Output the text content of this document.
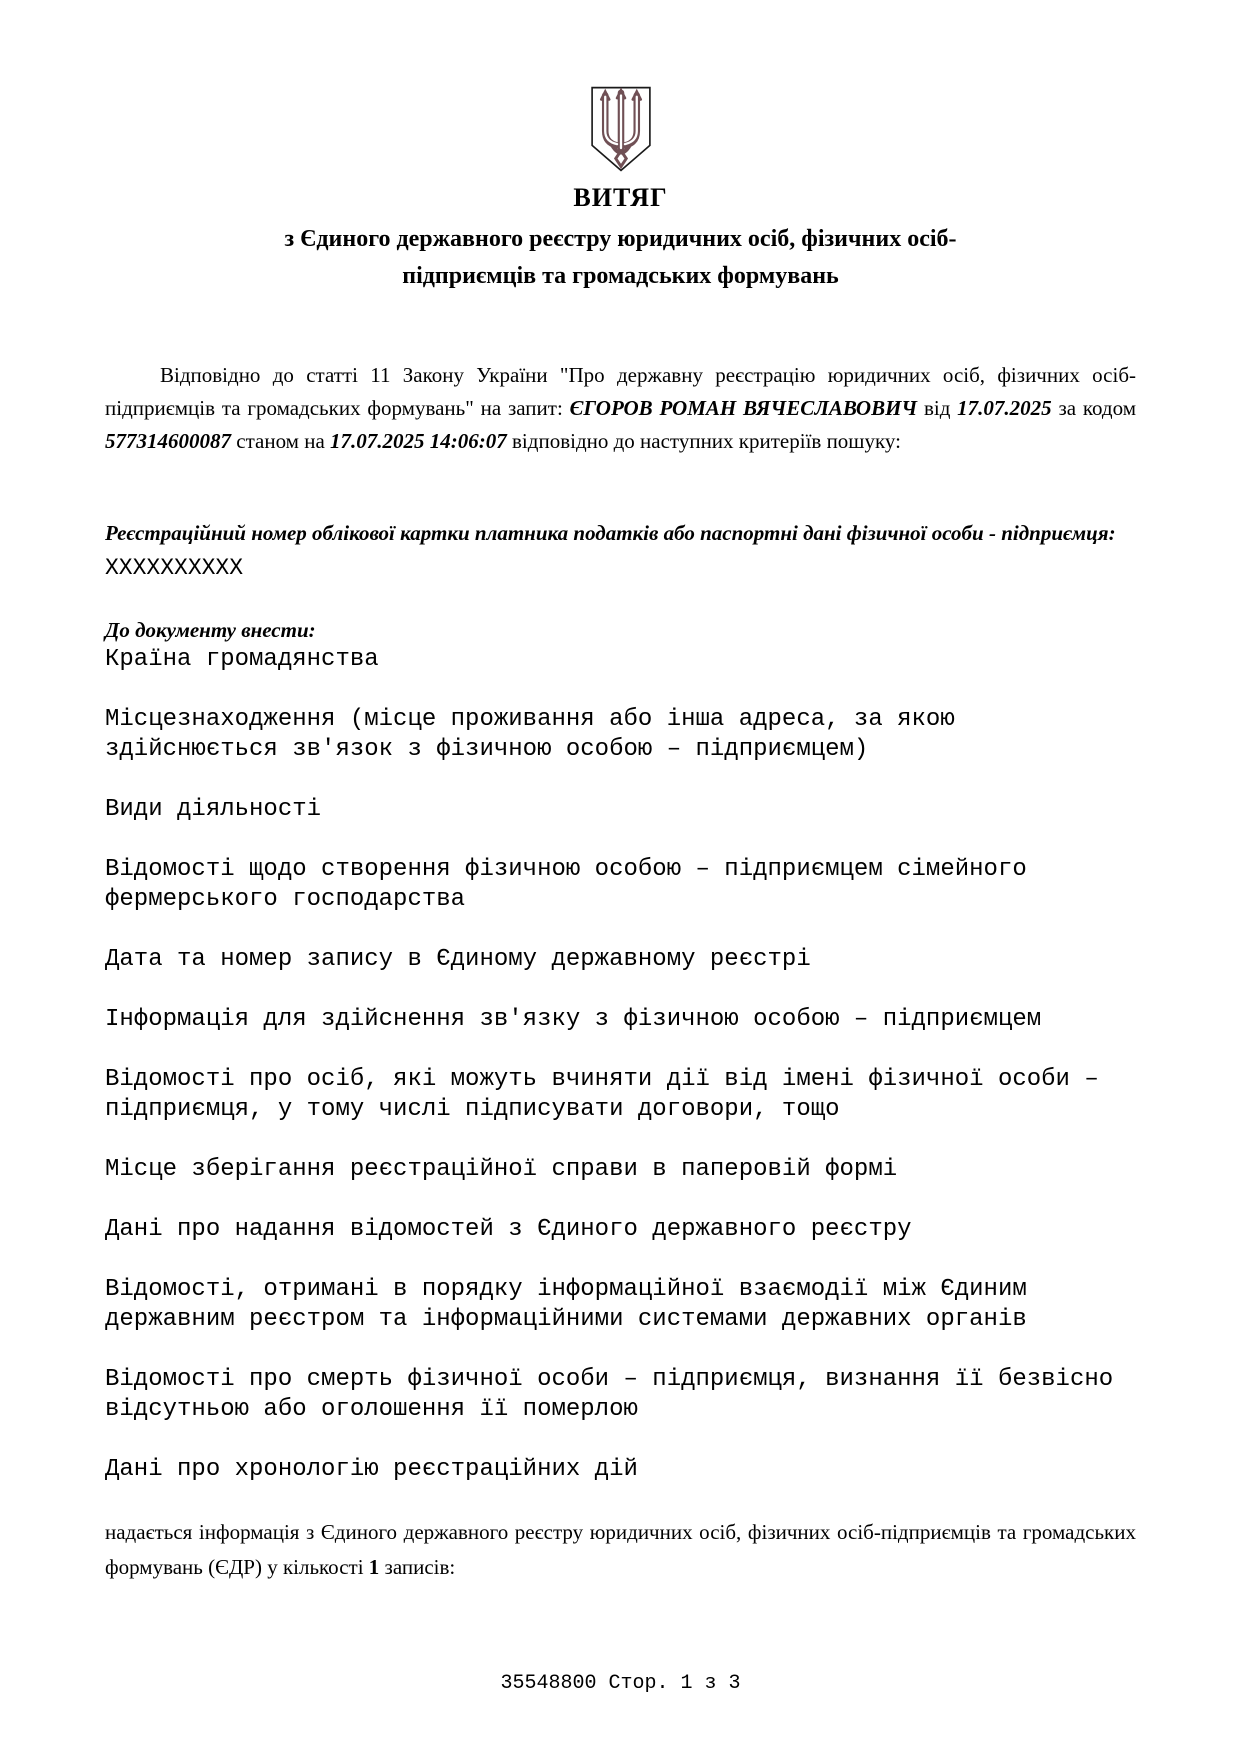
ВИТЯГ

з Єдиного державного реєстру юридичних осіб, фізичних осіб-
підприємців та громадських формувань

Відповідно до статті 11 Закону України "Про державну реєстрацію юридичних осіб, фізичних осіб-підприємців та громадських формувань" на запит: ЄГОРОВ РОМАН ВЯЧЕСЛАВОВИЧ від 17.07.2025 за кодом 577314600087 станом на 17.07.2025 14:06:07 відповідно до наступних критеріїв пошуку:

Реєстраційний номер облікової картки платника податків або паспортні дані фізичної особи - підприємця: ХХХХХХХХХХ

До документу внести:

Країна громадянства

Місцезнаходження (місце проживання або інша адреса, за якою здійснюється зв'язок з фізичною особою – підприємцем)

Види діяльності

Відомості щодо створення фізичною особою – підприємцем сімейного фермерського господарства

Дата та номер запису в Єдиному державному реєстрі

Інформація для здійснення зв'язку з фізичною особою – підприємцем

Відомості про осіб, які можуть вчиняти дії від імені фізичної особи – підприємця, у тому числі підписувати договори, тощо

Місце зберігання реєстраційної справи в паперовій формі

Дані про надання відомостей з Єдиного державного реєстру

Відомості, отримані в порядку інформаційної взаємодії між Єдиним державним реєстром та інформаційними системами державних органів

Відомості про смерть фізичної особи – підприємця, визнання її безвісно відсутньою або оголошення її померлою

Дані про хронологію реєстраційних дій

надається інформація з Єдиного державного реєстру юридичних осіб, фізичних осіб-підприємців та громадських формувань (ЄДР) у кількості 1 записів:

35548800 Стор. 1 з 3
